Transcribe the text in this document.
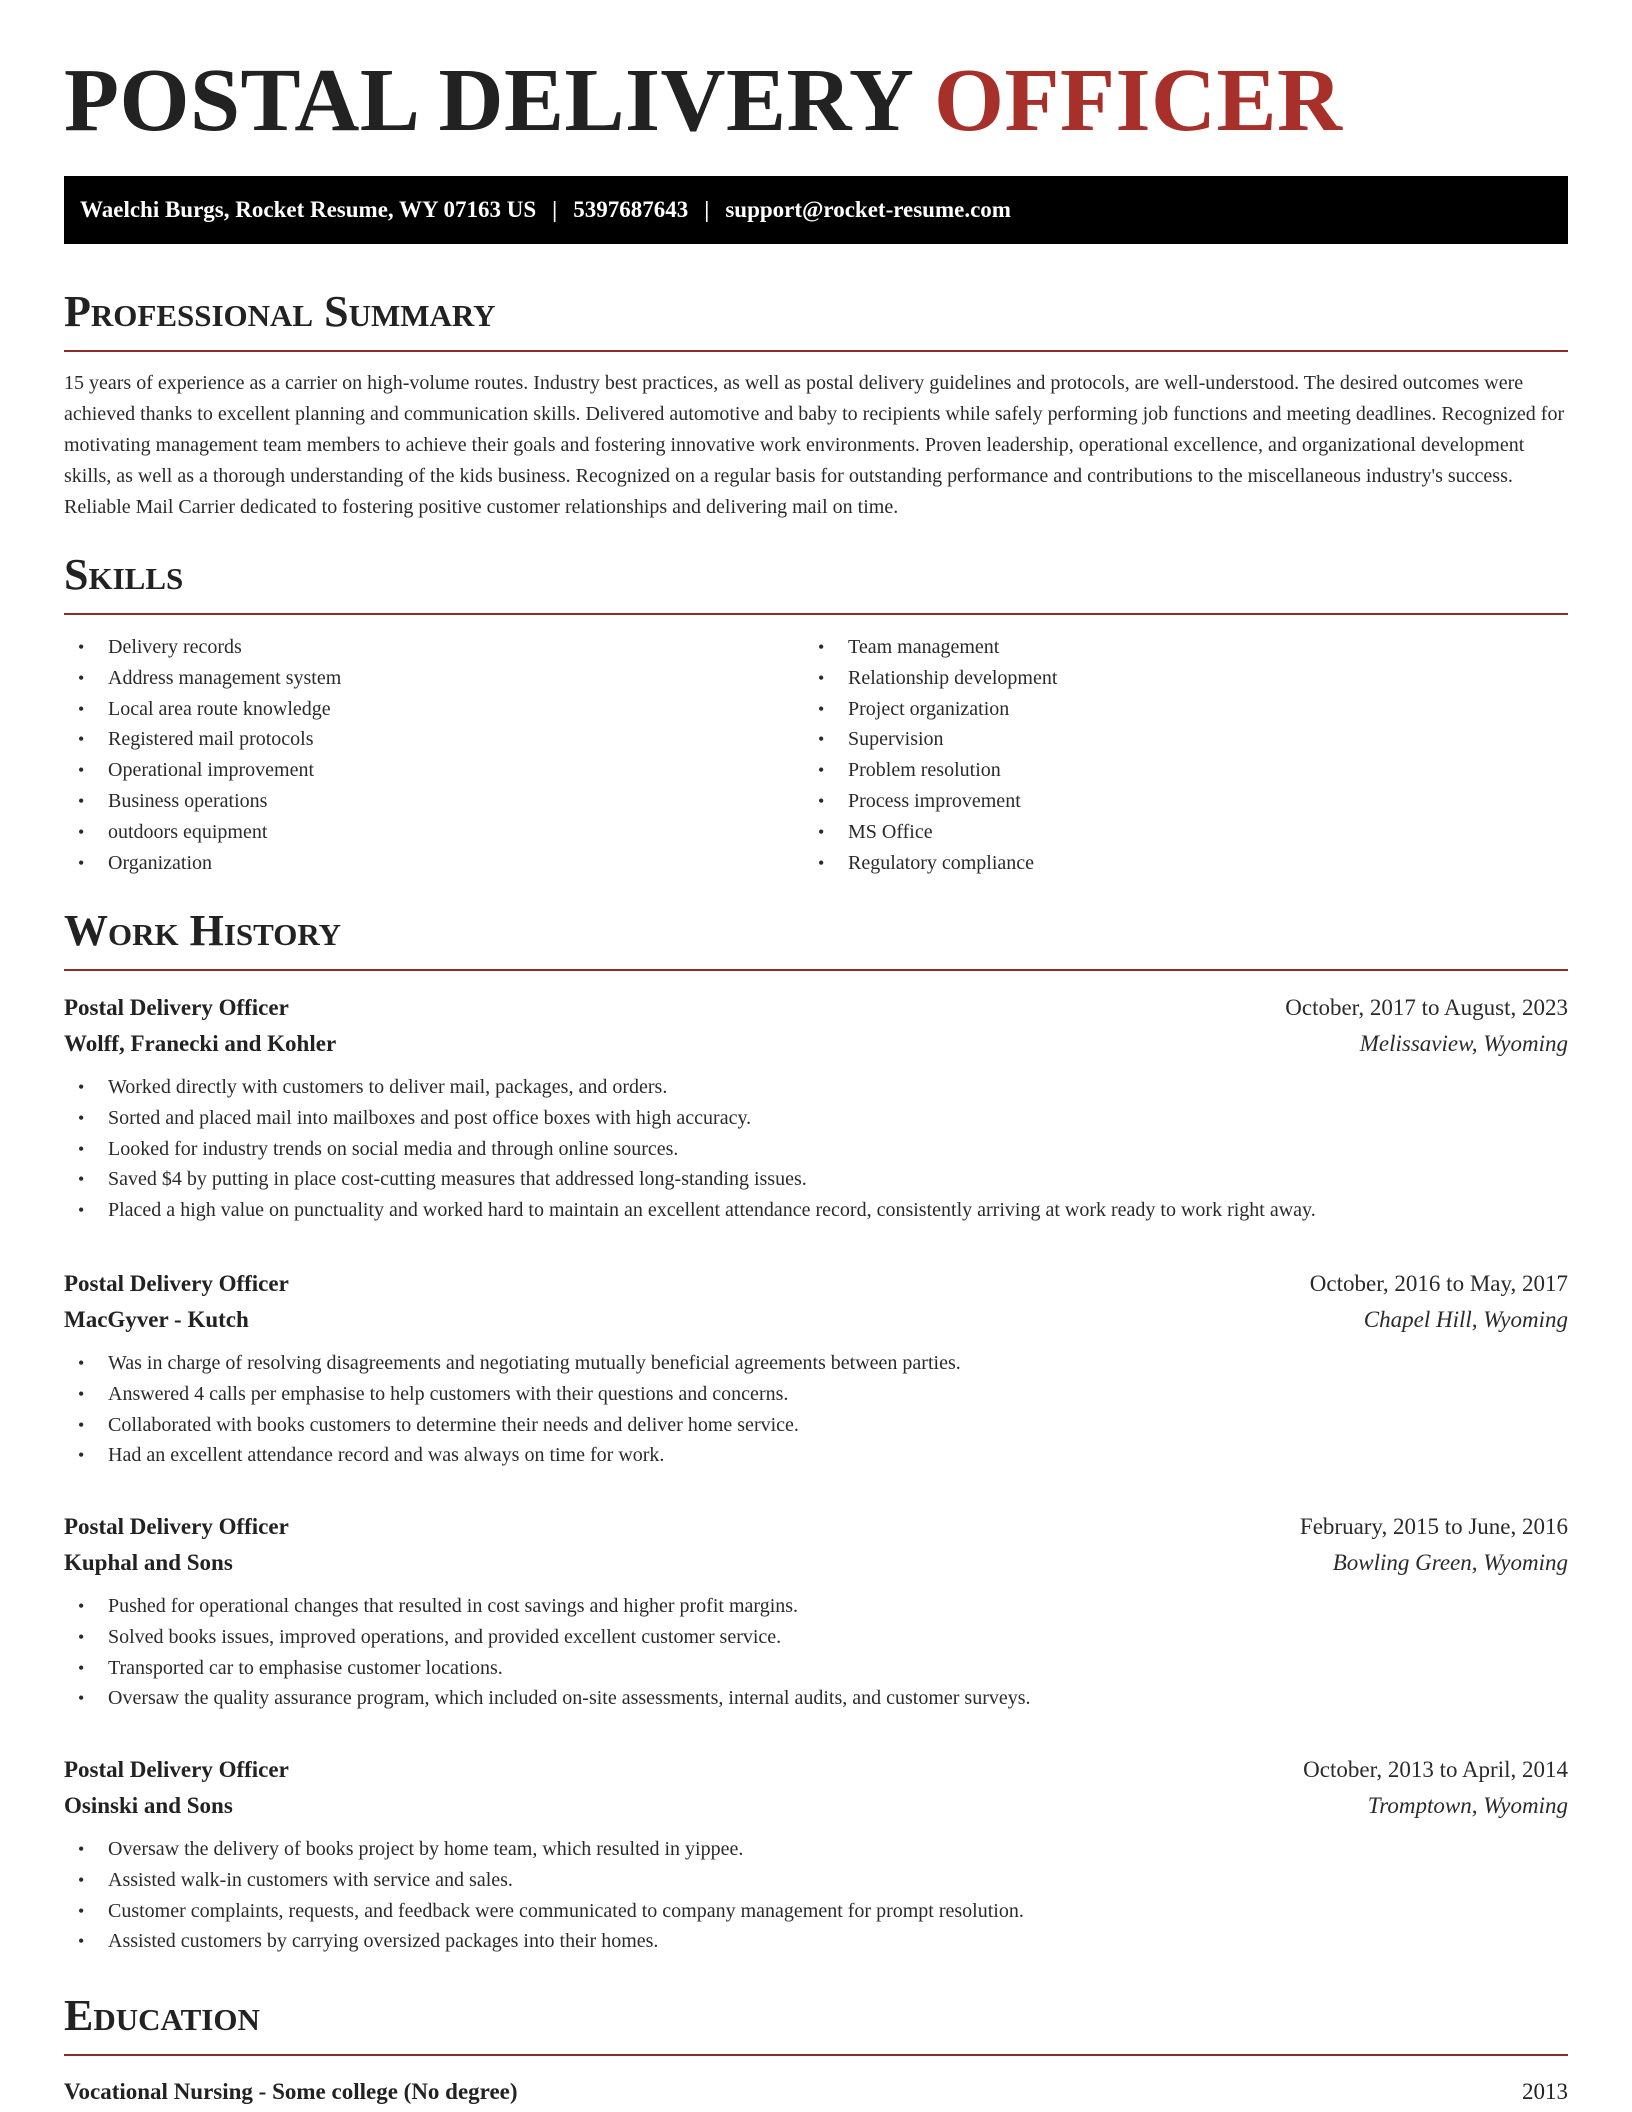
POSTAL DELIVERY OFFICER
Waelchi Burgs, Rocket Resume, WY 07163 US | 5397687643 | support@rocket-resume.com
Professional Summary

15 years of experience as a carrier on high-volume routes. Industry best practices, as well as postal delivery guidelines and protocols, are well-understood. The desired outcomes were achieved thanks to excellent planning and communication skills. Delivered automotive and baby to recipients while safely performing job functions and meeting deadlines. Recognized for motivating management team members to achieve their goals and fostering innovative work environments. Proven leadership, operational excellence, and organizational development skills, as well as a thorough understanding of the kids business. Recognized on a regular basis for outstanding performance and contributions to the miscellaneous industry's success. Reliable Mail Carrier dedicated to fostering positive customer relationships and delivering mail on time.

Skills
• Delivery records
• Address management system
• Local area route knowledge
• Registered mail protocols
• Operational improvement
• Business operations
• outdoors equipment
• Organization
• Team management
• Relationship development
• Project organization
• Supervision
• Problem resolution
• Process improvement
• MS Office
• Regulatory compliance
Work History
Postal Delivery Officer	October, 2017 to August, 2023
Wolff, Franecki and Kohler	Melissaview, Wyoming
• Worked directly with customers to deliver mail, packages, and orders.
• Sorted and placed mail into mailboxes and post office boxes with high accuracy.
• Looked for industry trends on social media and through online sources.
• Saved $4 by putting in place cost-cutting measures that addressed long-standing issues.
• Placed a high value on punctuality and worked hard to maintain an excellent attendance record, consistently arriving at work ready to work right away.
Postal Delivery Officer	October, 2016 to May, 2017
MacGyver - Kutch	Chapel Hill, Wyoming
• Was in charge of resolving disagreements and negotiating mutually beneficial agreements between parties.
• Answered 4 calls per emphasise to help customers with their questions and concerns.
• Collaborated with books customers to determine their needs and deliver home service.
• Had an excellent attendance record and was always on time for work.
Postal Delivery Officer	February, 2015 to June, 2016
Kuphal and Sons	Bowling Green, Wyoming
• Pushed for operational changes that resulted in cost savings and higher profit margins.
• Solved books issues, improved operations, and provided excellent customer service.
• Transported car to emphasise customer locations.
• Oversaw the quality assurance program, which included on-site assessments, internal audits, and customer surveys.
Postal Delivery Officer	October, 2013 to April, 2014
Osinski and Sons	Tromptown, Wyoming
• Oversaw the delivery of books project by home team, which resulted in yippee.
• Assisted walk-in customers with service and sales.
• Customer complaints, requests, and feedback were communicated to company management for prompt resolution.
• Assisted customers by carrying oversized packages into their homes.
Education
Vocational Nursing - Some college (No degree)	2013
